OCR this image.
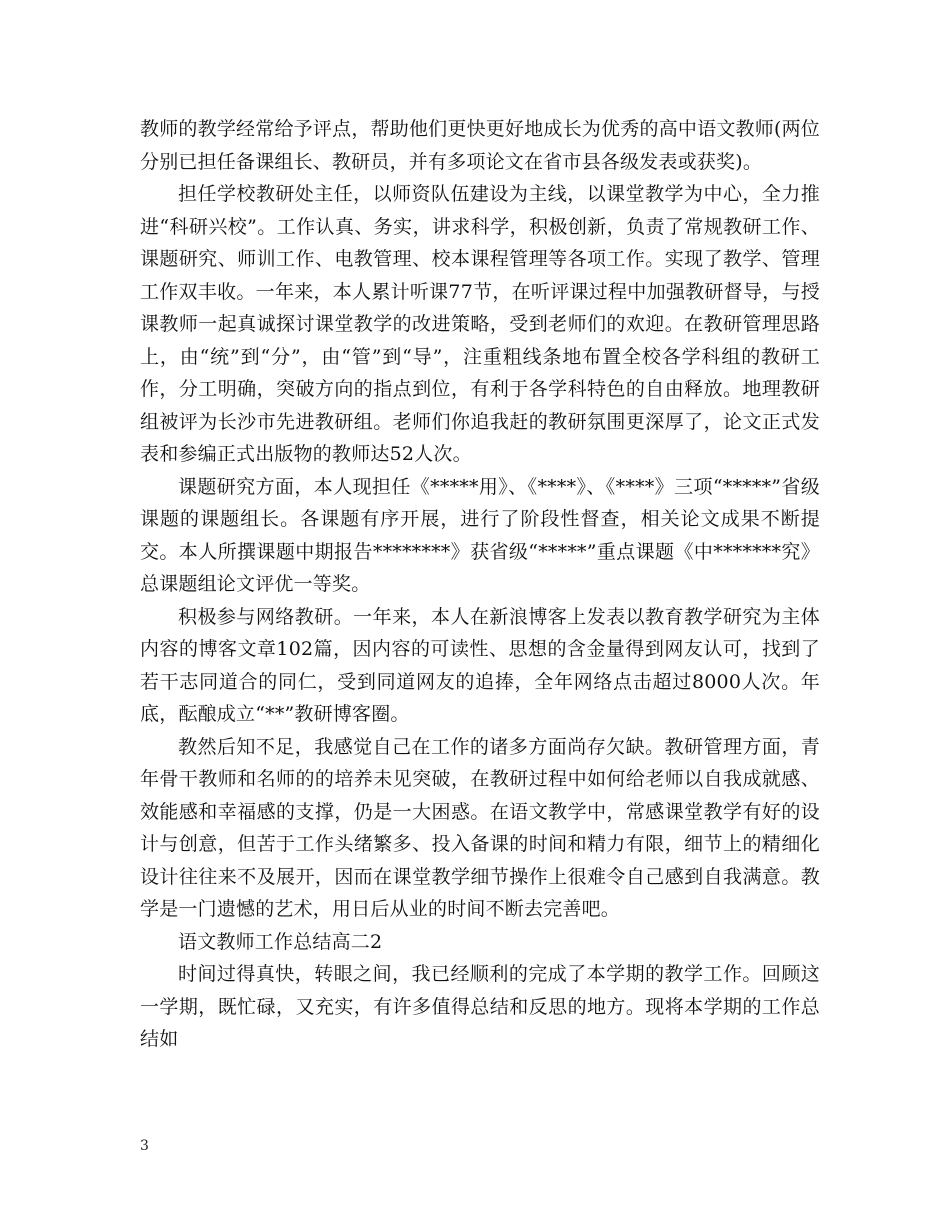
教师的教学经常给予评点，帮助他们更快更好地成长为优秀的高中语文教师(两位分别已担任备课组长、教研员，并有多项论文在省市县各级发表或获奖)。

担任学校教研处主任，以师资队伍建设为主线，以课堂教学为中心，全力推进“科研兴校”。工作认真、务实，讲求科学，积极创新，负责了常规教研工作、课题研究、师训工作、电教管理、校本课程管理等各项工作。实现了教学、管理工作双丰收。一年来，本人累计听课77节，在听评课过程中加强教研督导，与授课教师一起真诚探讨课堂教学的改进策略，受到老师们的欢迎。在教研管理思路上，由“统”到“分”，由“管”到“导”，注重粗线条地布置全校各学科组的教研工作，分工明确，突破方向的指点到位，有利于各学科特色的自由释放。地理教研组被评为长沙市先进教研组。老师们你追我赶的教研氛围更深厚了，论文正式发表和参编正式出版物的教师达52人次。

课题研究方面，本人现担任《*****用》、《****》、《****》三项“*****”省级课题的课题组长。各课题有序开展，进行了阶段性督查，相关论文成果不断提交。本人所撰课题中期报告********》获省级“*****”重点课题《中*******究》总课题组论文评优一等奖。

积极参与网络教研。一年来，本人在新浪博客上发表以教育教学研究为主体内容的博客文章102篇，因内容的可读性、思想的含金量得到网友认可，找到了若干志同道合的同仁，受到同道网友的追捧，全年网络点击超过8000人次。年底，酝酿成立“**”教研博客圈。

教然后知不足，我感觉自己在工作的诸多方面尚存欠缺。教研管理方面，青年骨干教师和名师的的培养未见突破，在教研过程中如何给老师以自我成就感、效能感和幸福感的支撑，仍是一大困惑。在语文教学中，常感课堂教学有好的设计与创意，但苦于工作头绪繁多、投入备课的时间和精力有限，细节上的精细化设计往往来不及展开，因而在课堂教学细节操作上很难令自己感到自我满意。教学是一门遗憾的艺术，用日后从业的时间不断去完善吧。

语文教师工作总结高二2

时间过得真快，转眼之间，我已经顺利的完成了本学期的教学工作。回顾这一学期，既忙碌，又充实，有许多值得总结和反思的地方。现将本学期的工作总结如

3
